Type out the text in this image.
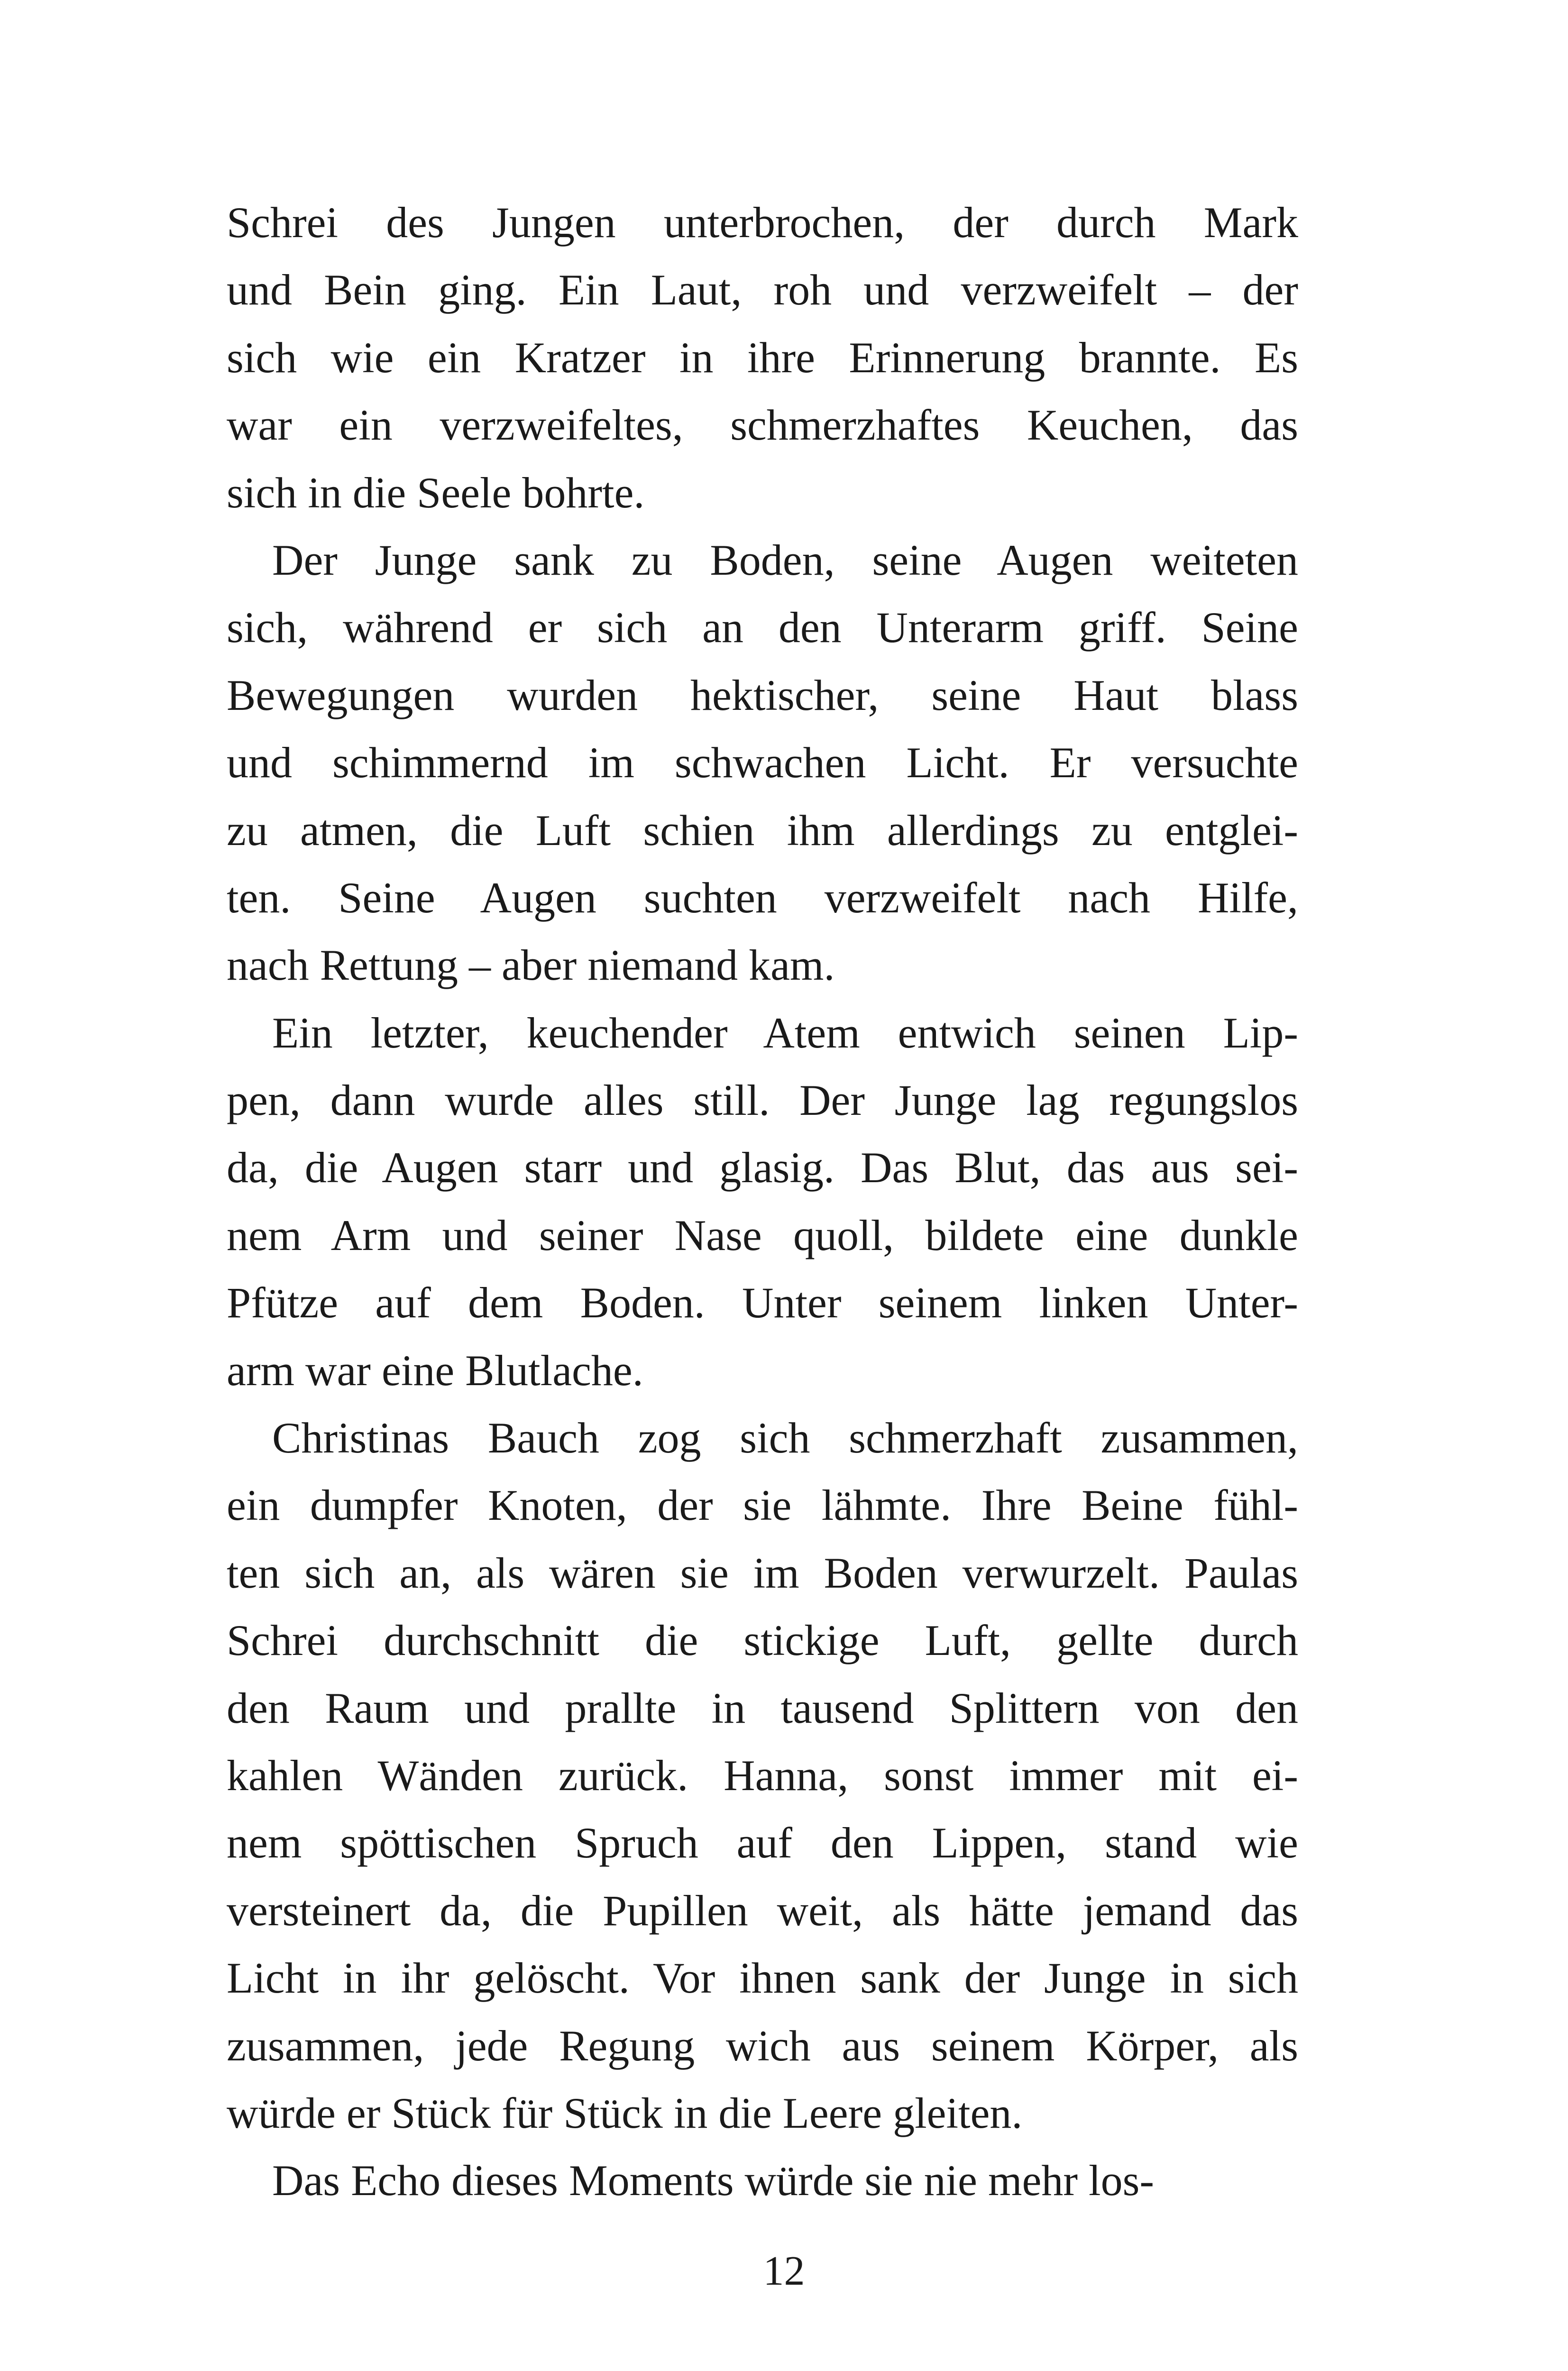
Schrei des Jungen unterbrochen, der durch Mark
und Bein ging. Ein Laut, roh und verzweifelt – der
sich wie ein Kratzer in ihre Erinnerung brannte. Es
war ein verzweifeltes, schmerzhaftes Keuchen, das
sich in die Seele bohrte.
Der Junge sank zu Boden, seine Augen weiteten
sich, während er sich an den Unterarm griff. Seine
Bewegungen wurden hektischer, seine Haut blass
und schimmernd im schwachen Licht. Er versuchte
zu atmen, die Luft schien ihm allerdings zu entglei-
ten. Seine Augen suchten verzweifelt nach Hilfe,
nach Rettung – aber niemand kam.
Ein letzter, keuchender Atem entwich seinen Lip-
pen, dann wurde alles still. Der Junge lag regungslos
da, die Augen starr und glasig. Das Blut, das aus sei-
nem Arm und seiner Nase quoll, bildete eine dunkle
Pfütze auf dem Boden. Unter seinem linken Unter-
arm war eine Blutlache.
Christinas Bauch zog sich schmerzhaft zusammen,
ein dumpfer Knoten, der sie lähmte. Ihre Beine fühl-
ten sich an, als wären sie im Boden verwurzelt. Paulas
Schrei durchschnitt die stickige Luft, gellte durch
den Raum und prallte in tausend Splittern von den
kahlen Wänden zurück. Hanna, sonst immer mit ei-
nem spöttischen Spruch auf den Lippen, stand wie
versteinert da, die Pupillen weit, als hätte jemand das
Licht in ihr gelöscht. Vor ihnen sank der Junge in sich
zusammen, jede Regung wich aus seinem Körper, als
würde er Stück für Stück in die Leere gleiten.
Das Echo dieses Moments würde sie nie mehr los-
12
